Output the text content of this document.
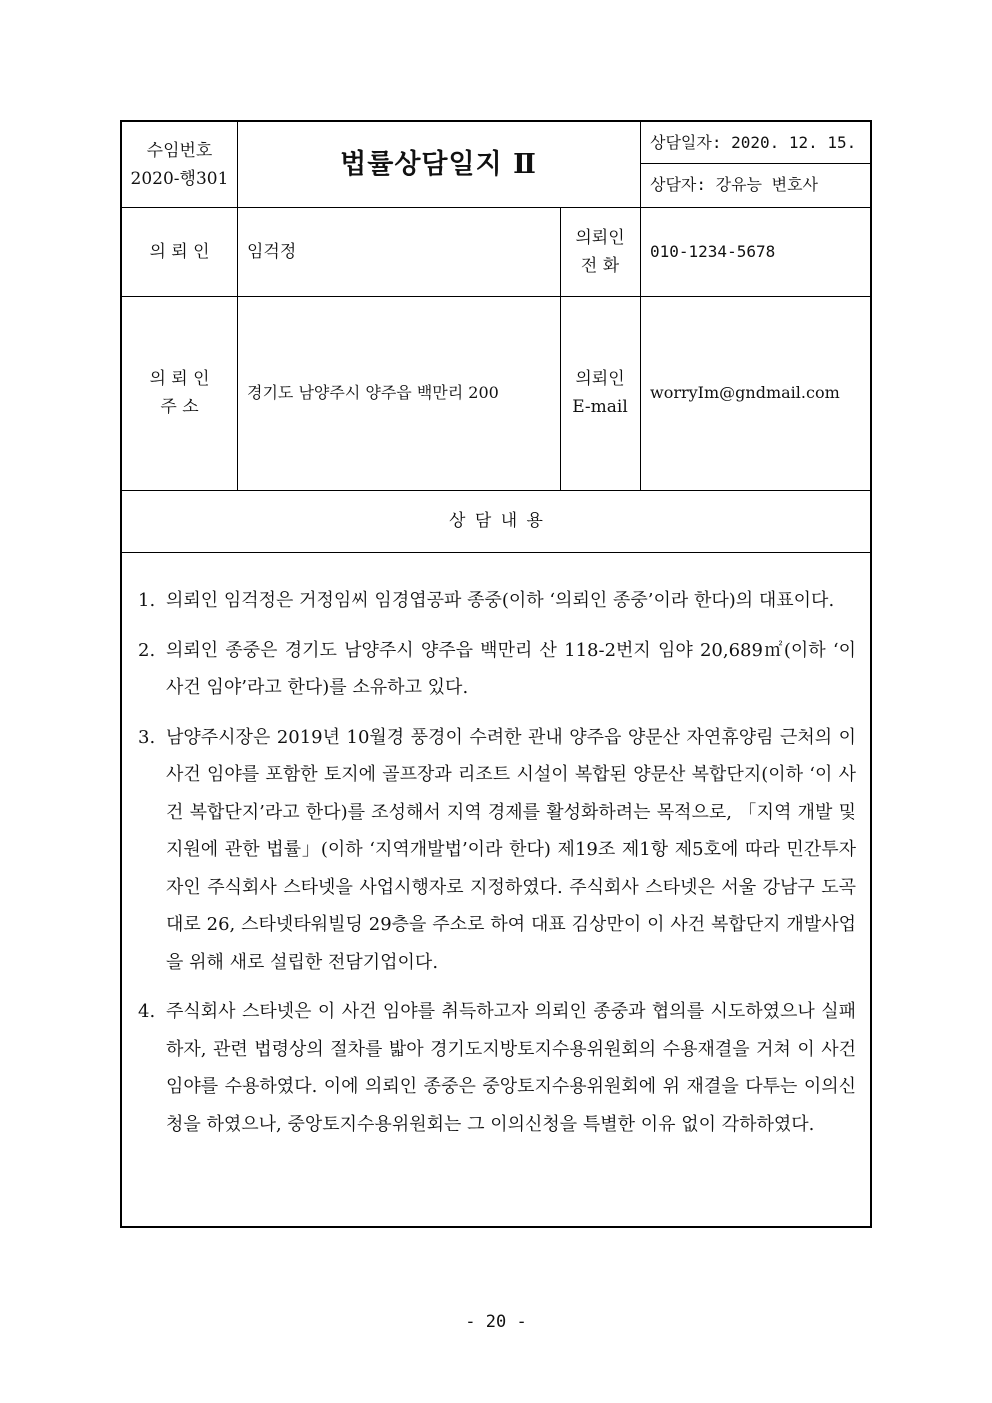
수임번호
2020-행301	법률상담일지 Ⅱ
상담일자: 2020. 12. 15.
상담자: 강유능 변호사
의 뢰 인	임걱정
의뢰인
전 화
010-1234-5678
의 뢰 인
주 소
경기도 남양주시 양주읍 백만리 200
의뢰인
E-mail
worryIm@gndmail.com
상 담 내 용
1. 의뢰인 임걱정은 거정임씨 임경엽공파 종중(이하 ‘의뢰인 종중’이라 한다)의 대표이다.
2. 의뢰인 종중은 경기도 남양주시 양주읍 백만리 산 118-2번지 임야 20,689㎡(이하 ‘이 사건 임야’라고 한다)를 소유하고 있다.
3. 남양주시장은 2019년 10월경 풍경이 수려한 관내 양주읍 양문산 자연휴양림 근처의 이 사건 임야를 포함한 토지에 골프장과 리조트 시설이 복합된 양문산 복합단지(이하 ‘이 사건 복합단지’라고 한다)를 조성해서 지역 경제를 활성화하려는 목적으로, 「지역 개발 및 지원에 관한 법률」(이하 ‘지역개발법’이라 한다) 제19조 제1항 제5호에 따라 민간투자자인 주식회사 스타넷을 사업시행자로 지정하였다. 주식회사 스타넷은 서울 강남구 도곡대로 26, 스타넷타워빌딩 29층을 주소로 하여 대표 김상만이 이 사건 복합단지 개발사업을 위해 새로 설립한 전담기업이다.
4. 주식회사 스타넷은 이 사건 임야를 취득하고자 의뢰인 종중과 협의를 시도하였으나 실패하자, 관련 법령상의 절차를 밟아 경기도지방토지수용위원회의 수용재결을 거쳐 이 사건 임야를 수용하였다. 이에 의뢰인 종중은 중앙토지수용위원회에 위 재결을 다투는 이의신청을 하였으나, 중앙토지수용위원회는 그 이의신청을 특별한 이유 없이 각하하였다.
- 20 -
